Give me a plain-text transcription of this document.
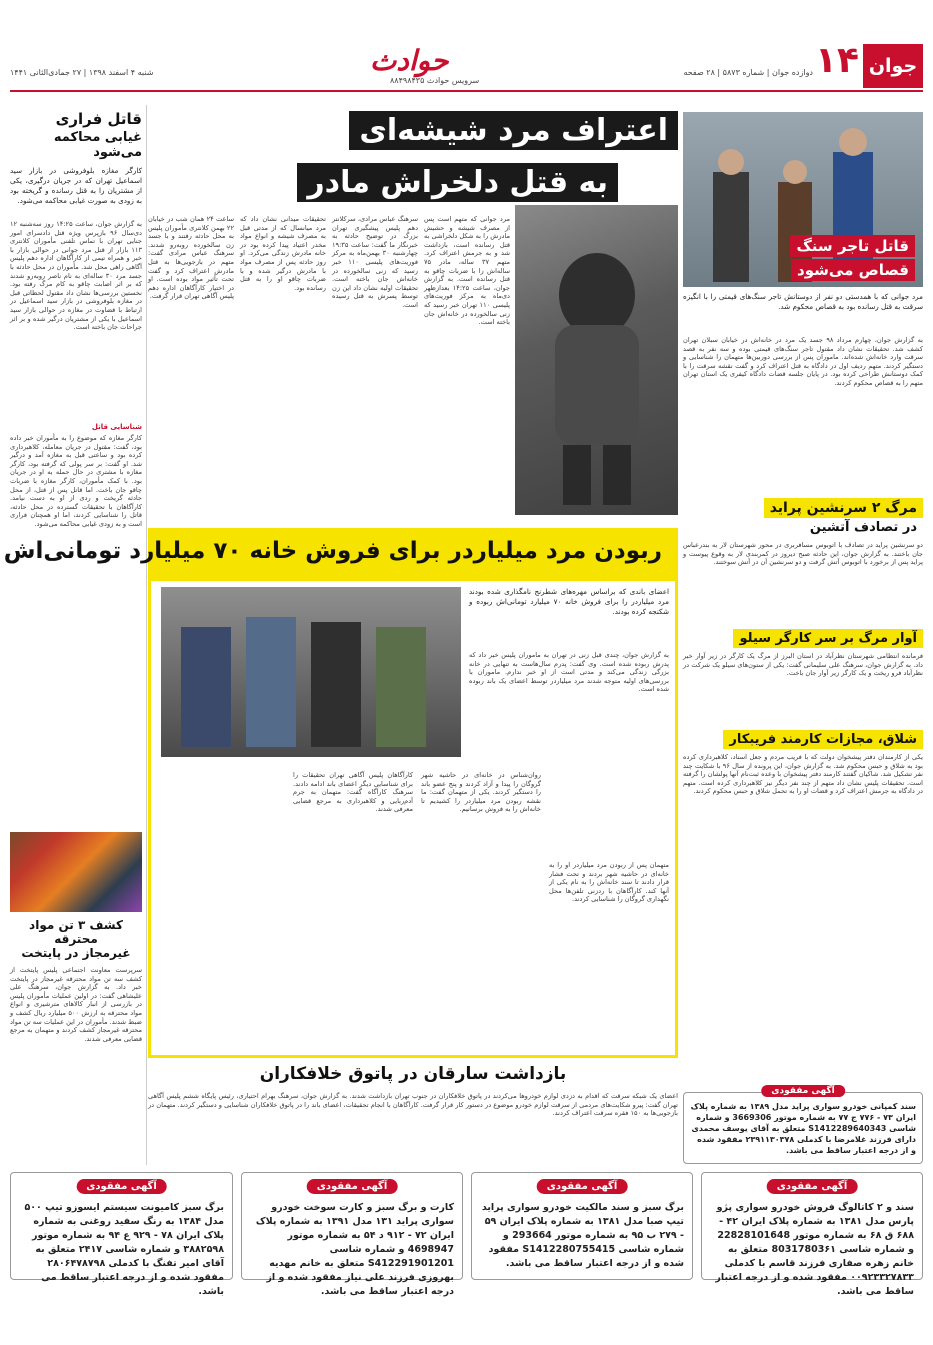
جوان
۱۴
دوازده جوان | شماره ۵۸۷۳ | ۲۸ صفحه
حوادث
سرویس حوادث ۸۸۴۹۸۴۳۵
شنبه ۴ اسفند ۱۳۹۸ | ۲۷ جمادی‌الثانی ۱۴۴۱
قاتل فراری
غیابی محاکمه می‌شود
کارگر مغازه بلوفروشی در بازار سید اسماعیل تهران که در جریان درگیری، یکی از مشتریان را به قتل رسانده و گریخته بود به زودی به صورت غیابی محاکمه می‌شود.
به گزارش جوان، ساعت ۱۴:۲۵ روز سه‌شنبه ۱۲ دی‌سال ۹۶ بازپرس ویژه قتل دادسرای امور جنایی تهران با تماس تلفنی مأموران کلانتری ۱۱۳ بازار از قتل مرد جوانی در حوالی بازار با خبر و همراه تیمی از کارآگاهان اداره دهم پلیس آگاهی راهی محل شد. مأموران در محل حادثه با جسد مرد ۳۰ ساله‌ای به نام ناصر روبه‌رو شدند که بر اثر اصابت چاقو به کام مرگ رفته بود. نخستین بررسی‌ها نشان داد مقتول لحظاتی قبل در مغازه بلوفروشی در بازار سید اسماعیل در ارتباط با قضاوت در مغازه در حوالی بازار سید اسماعیل با یکی از مشتریان درگیر شده و بر اثر جراحات جان باخته است.
شناسایی قاتل
کارگر مغازه که موضوع را به مأموران خبر داده بود، گفت: مقتول در جریان معامله، کلاهبرداری کرده بود و ساعتی قبل به مغازه آمد و درگیر شد. او گفت: بر سر پولی که گرفته بود، کارگر مغازه با مشتری در حال حمله به او در جریان بود. با کمک مأموران، کارگر مغازه با ضربات چاقو جان باخت. اما قاتل پس از قتل، از محل حادثه گریخت و ردی از او به دست نیامد. کارآگاهان با تحقیقات گسترده در محل حادثه، قاتل را شناسایی کردند، اما او همچنان فراری است و به زودی غیابی محاکمه می‌شود.
کشف ۳ تن مواد محترقه
غیرمجاز در پایتخت
سرپرست معاونت اجتماعی پلیس پایتخت از کشف سه تن مواد محترقه غیرمجاز در پایتخت خبر داد. به گزارش جوان، سرهنگ علی علیشاهی گفت: در اولین عملیات مأموران پلیس در بازرسی از انبار کالاهای مترشیری و انواع مواد محترقه به ارزش ۵۰۰ میلیارد ریال کشف و ضبط شدند. مأموران در این عملیات سه تن مواد محترقه غیرمجاز کشف کردند و متهمان به مرجع قضایی معرفی شدند.
اعتراف مرد شیشه‌ای
به قتل دلخراش مادر
مرد جوانی که متهم است پس از مصرف شیشه و حشیش مادرش را به شکل دلخراشی به قتل رسانده است، بازداشت شد و به جرمش اعتراف کرد. متهم ۳۷ ساله، مادر ۷۵ ساله‌اش را با ضربات چاقو به قتل رسانده است. به گزارش جوان، ساعت ۱۴:۲۵ بعدازظهر دی‌ماه به مرکز فوریت‌های پلیسی ۱۱۰ تهران خبر رسید که زنی سالخورده در خانه‌اش جان باخته است.
سرهنگ عباس مرادی، سرکلانتر دهم پلیس پیشگیری تهران بزرگ در توضیح حادثه به خبرنگار ما گفت: ساعت ۱۹:۳۵ چهارشنبه ۳۰ بهمن‌ماه به مرکز فوریت‌های پلیسی ۱۱۰ خبر رسید که زنی سالخورده در خانه‌اش جان باخته است. تحقیقات اولیه نشان داد این زن توسط پسرش به قتل رسیده است.
تحقیقات میدانی نشان داد که مرد میانسال که از مدتی قبل به مصرف شیشه و انواع مواد مخدر اعتیاد پیدا کرده بود در خانه مادرش زندگی می‌کرد. او روز حادثه پس از مصرف مواد با مادرش درگیر شده و با ضربات چاقو او را به قتل رسانده بود.
ساعت ۲۴ همان شب در خیابان ۲۲ بهمن کلانتری مأموران پلیس به محل حادثه رفتند و با جسد زن سالخورده روبه‌رو شدند. سرهنگ عباس مرادی گفت: متهم در بازجویی‌ها به قتل مادرش اعتراف کرد و گفت تحت تأثیر مواد بوده است. او در اختیار کارآگاهان اداره دهم پلیس آگاهی تهران قرار گرفت.
قاتل تاجر سنگ
قصاص می‌شود
مرد جوانی که با همدستی دو نفر از دوستانش تاجر سنگ‌های قیمتی را با انگیزه سرقت به قتل رسانده بود به قصاص محکوم شد.
به گزارش جوان، چهارم مرداد ۹۸ جسد یک مرد در خانه‌اش در خیابان سبلان تهران کشف شد. تحقیقات نشان داد مقتول تاجر سنگ‌های قیمتی بوده و سه نفر به قصد سرقت وارد خانه‌اش شده‌اند. ماموران پس از بررسی دوربین‌ها متهمان را شناسایی و دستگیر کردند. متهم ردیف اول در دادگاه به قتل اعتراف کرد و گفت نقشه سرقت را با کمک دوستانش طراحی کرده بود. در پایان جلسه قضات دادگاه کیفری یک استان تهران متهم را به قصاص محکوم کردند.
مرگ ۲ سرنشین پراید
در تصادف آتشین
دو سرنشین پراید در تصادف با اتوبوس مسافربری در محور شهرستان لار به بندرعباس جان باختند. به گزارش جوان، این حادثه صبح دیروز در کمربندی لار به وقوع پیوست و پراید پس از برخورد با اتوبوس آتش گرفت و دو سرنشین آن در آتش سوختند.
آوار مرگ بر سر کارگر سیلو
فرمانده انتظامی شهرستان نظرآباد در استان البرز از مرگ یک کارگر در زیر آوار خبر داد. به گزارش جوان، سرهنگ علی سلیمانی گفت: یکی از ستون‌های سیلو یک شرکت در نظرآباد فرو ریخت و یک کارگر زیر آوار جان باخت.
شلاق، مجازات کارمند فریبکار
یکی از کارمندان دفتر پیشخوان دولت که با فریب مردم و جعل اسناد، کلاهبرداری کرده بود به شلاق و حبس محکوم شد. به گزارش جوان، این پرونده از سال ۹۶ با شکایت چند نفر تشکیل شد. شاکیان گفتند کارمند دفتر پیشخوان با وعده ثبت‌نام آنها پولشان را گرفته است. تحقیقات پلیس نشان داد متهم از چند نفر دیگر نیز کلاهبرداری کرده است. متهم در دادگاه به جرمش اعتراف کرد و قضات او را به تحمل شلاق و حبس محکوم کردند.
ربودن مرد میلیاردر برای فروش خانه ۷۰ میلیارد تومانی‌اش
اعضای باندی که براساس مهره‌های شطرنج نامگذاری شده بودند مرد میلیاردر را برای فروش خانه ۷۰ میلیارد تومانی‌اش ربوده و شکنجه کرده بودند.
به گزارش جوان، چندی قبل زنی در تهران به ماموران پلیس خبر داد که پدرش ربوده شده است. وی گفت: پدرم سال‌هاست به تنهایی در خانه بزرگی زندگی می‌کند و مدتی است از او خبر ندارم. ماموران با بررسی‌های اولیه متوجه شدند مرد میلیاردر توسط اعضای یک باند ربوده شده است.
متهمان پس از ربودن مرد میلیاردر او را به خانه‌ای در حاشیه شهر بردند و تحت فشار قرار دادند تا سند خانه‌اش را به نام یکی از آنها کند. کارآگاهان با ردزنی تلفن‌ها محل نگهداری گروگان را شناسایی کردند.
روان‌شناس در خانه‌ای در حاشیه شهر گروگان را پیدا و آزاد کردند و پنج عضو باند را دستگیر کردند. یکی از متهمان گفت: ما نقشه ربودن مرد میلیاردر را کشیدیم تا خانه‌اش را به فروش برسانیم.
کارآگاهان پلیس آگاهی تهران تحقیقات را برای شناسایی دیگر اعضای باند ادامه دادند. سرهنگ کارآگاه گفت: متهمان به جرم آدم‌ربایی و کلاهبرداری به مرجع قضایی معرفی شدند.
بازداشت سارقان در پاتوق خلافکاران
اعضای یک شبکه سرقت که اقدام به دزدی لوازم خودروها می‌کردند در پاتوق خلافکاران در جنوب تهران بازداشت شدند. به گزارش جوان، سرهنگ بهرام احتیاری، رئیس پایگاه ششم پلیس آگاهی تهران گفت: پیرو شکایت‌های مردمی از سرقت لوازم خودرو موضوع در دستور کار قرار گرفت. کارآگاهان با انجام تحقیقات، اعضای باند را در پاتوق خلافکاران شناسایی و دستگیر کردند. متهمان در بازجویی‌ها به ۱۵۰ فقره سرقت اعتراف کردند.
آگهی مفقودی
سند کمپانی خودرو سواری پراید مدل ۱۳۸۹ به شماره پلاک ایران ۷۳ - ۷۷۶ ج ۷۷ به شماره موتور 3669306 و شماره شاسی S1412289640343 متعلق به آقای یوسف محمدی دارای فرزند غلامرضا با کدملی ۲۳۹۱۱۳۰۳۷۸ مفقود شده و از درجه اعتبار ساقط می باشد.
آگهی مفقودی
سند و ۲ کاتالوگ فروش خودرو سواری پژو پارس مدل ۱۳۸۱ به شماره پلاک ایران ۴۲ - ۶۸۸ ق ۶۸ به شماره موتور 22828101648 و شماره شاسی 80317803۶۱ متعلق به خانم زهره صفاری فرزند قاسم با کدملی ۰۰۹۲۳۳۲۷۸۳۳ مفقود شده و از درجه اعتبار ساقط می باشد.
آگهی مفقودی
برگ سبز و سند مالکیت خودرو سواری پراید تیپ صبا مدل ۱۳۸۱ به شماره پلاک ایران ۵۹ - ۲۷۹ ب ۹۵ به شماره موتور 293664 و شماره شاسی S1412280755415 مفقود شده و از درجه اعتبار ساقط می باشد.
آگهی مفقودی
کارت و برگ سبز و کارت سوخت خودرو سواری پراید ۱۳۱ مدل ۱۳۹۱ به شماره پلاک ایران ۷۲ - ۹۱۲ د ۵۴ به شماره موتور 4698947 و شماره شاسی S412291901201 متعلق به خانم مهدیه بهروزی فرزند علی نیاز مفقود شده و از درجه اعتبار ساقط می باشد.
آگهی مفقودی
برگ سبز کامیونت سیستم ایسوزو تیپ ۵۰۰ مدل ۱۳۸۴ به رنگ سفید روغنی به شماره پلاک ایران ۷۸ - ۹۲۹ ع ۹۴ به شماره موتور ۳۸۸۲۵۹۸ و شماره شاسی ۲۴۱۷ متعلق به آقای امیر تفنگ با کدملی ۲۸۰۶۴۷۸۷۹۸ مفقود شده و از درجه اعتبار ساقط می باشد.
